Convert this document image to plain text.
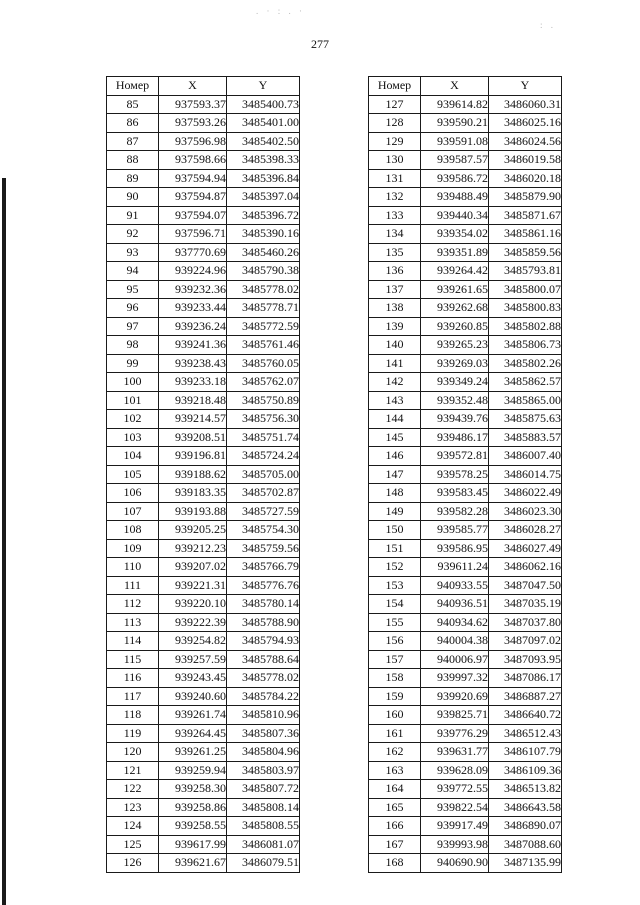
277
. · : . ·
: .
Номер	X	Y
85	937593.37	3485400.73
86	937593.26	3485401.00
87	937596.98	3485402.50
88	937598.66	3485398.33
89	937594.94	3485396.84
90	937594.87	3485397.04
91	937594.07	3485396.72
92	937596.71	3485390.16
93	937770.69	3485460.26
94	939224.96	3485790.38
95	939232.36	3485778.02
96	939233.44	3485778.71
97	939236.24	3485772.59
98	939241.36	3485761.46
99	939238.43	3485760.05
100	939233.18	3485762.07
101	939218.48	3485750.89
102	939214.57	3485756.30
103	939208.51	3485751.74
104	939196.81	3485724.24
105	939188.62	3485705.00
106	939183.35	3485702.87
107	939193.88	3485727.59
108	939205.25	3485754.30
109	939212.23	3485759.56
110	939207.02	3485766.79
111	939221.31	3485776.76
112	939220.10	3485780.14
113	939222.39	3485788.90
114	939254.82	3485794.93
115	939257.59	3485788.64
116	939243.45	3485778.02
117	939240.60	3485784.22
118	939261.74	3485810.96
119	939264.45	3485807.36
120	939261.25	3485804.96
121	939259.94	3485803.97
122	939258.30	3485807.72
123	939258.86	3485808.14
124	939258.55	3485808.55
125	939617.99	3486081.07
126	939621.67	3486079.51
Номер	X	Y
127	939614.82	3486060.31
128	939590.21	3486025.16
129	939591.08	3486024.56
130	939587.57	3486019.58
131	939586.72	3486020.18
132	939488.49	3485879.90
133	939440.34	3485871.67
134	939354.02	3485861.16
135	939351.89	3485859.56
136	939264.42	3485793.81
137	939261.65	3485800.07
138	939262.68	3485800.83
139	939260.85	3485802.88
140	939265.23	3485806.73
141	939269.03	3485802.26
142	939349.24	3485862.57
143	939352.48	3485865.00
144	939439.76	3485875.63
145	939486.17	3485883.57
146	939572.81	3486007.40
147	939578.25	3486014.75
148	939583.45	3486022.49
149	939582.28	3486023.30
150	939585.77	3486028.27
151	939586.95	3486027.49
152	939611.24	3486062.16
153	940933.55	3487047.50
154	940936.51	3487035.19
155	940934.62	3487037.80
156	940004.38	3487097.02
157	940006.97	3487093.95
158	939997.32	3487086.17
159	939920.69	3486887.27
160	939825.71	3486640.72
161	939776.29	3486512.43
162	939631.77	3486107.79
163	939628.09	3486109.36
164	939772.55	3486513.82
165	939822.54	3486643.58
166	939917.49	3486890.07
167	939993.98	3487088.60
168	940690.90	3487135.99
